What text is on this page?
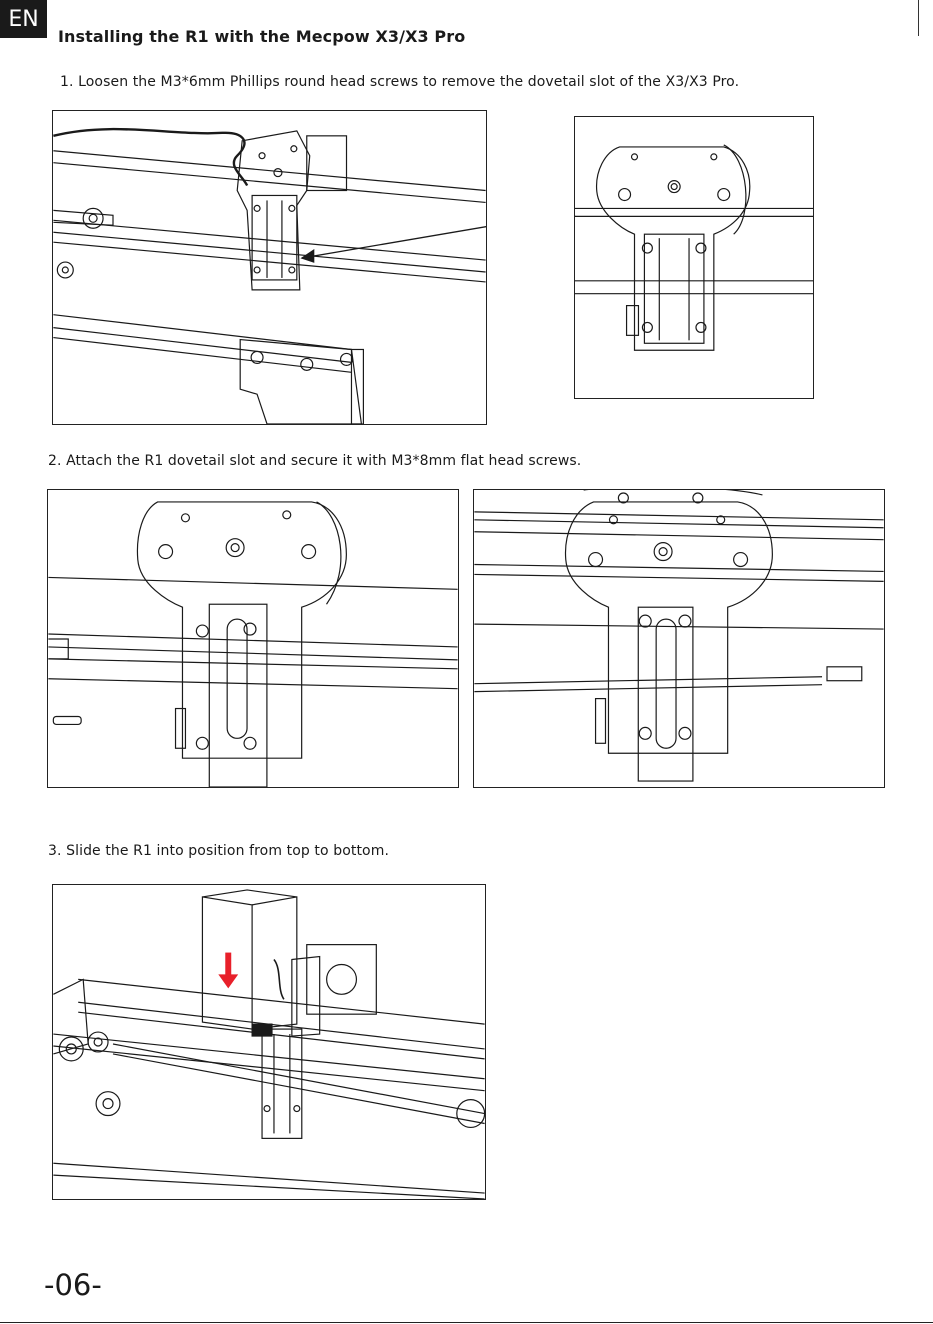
EN
Installing the R1 with the Mecpow X3/X3 Pro
1. Loosen the M3*6mm Phillips round head screws to remove the dovetail slot of the X3/X3 Pro.
2. Attach the R1 dovetail slot and secure it with M3*8mm flat head screws.
3. Slide the R1 into position from top to bottom.
-06-
